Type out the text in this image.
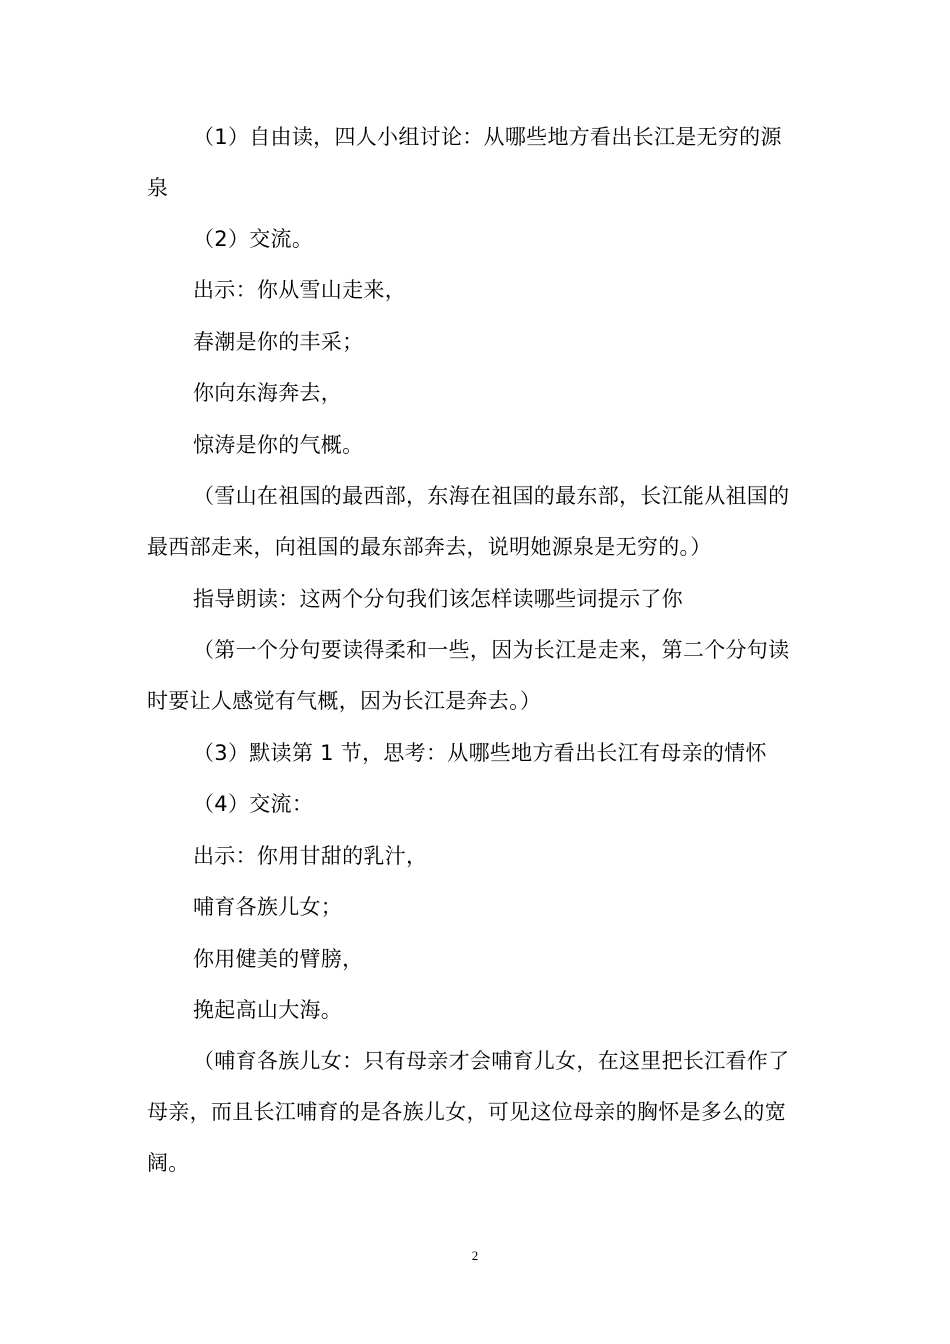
（1）自由读，四人小组讨论：从哪些地方看出长江是无穷的源泉

（2）交流。

出示：你从雪山走来，

春潮是你的丰采；

你向东海奔去，

惊涛是你的气概。

（雪山在祖国的最西部，东海在祖国的最东部，长江能从祖国的最西部走来，向祖国的最东部奔去，说明她源泉是无穷的。）

指导朗读：这两个分句我们该怎样读哪些词提示了你

（第一个分句要读得柔和一些，因为长江是走来，第二个分句读时要让人感觉有气概，因为长江是奔去。）

（3）默读第 1 节，思考：从哪些地方看出长江有母亲的情怀

（4）交流：

出示：你用甘甜的乳汁，

哺育各族儿女；

你用健美的臂膀，

挽起高山大海。

（哺育各族儿女：只有母亲才会哺育儿女，在这里把长江看作了母亲，而且长江哺育的是各族儿女，可见这位母亲的胸怀是多么的宽阔。

2
